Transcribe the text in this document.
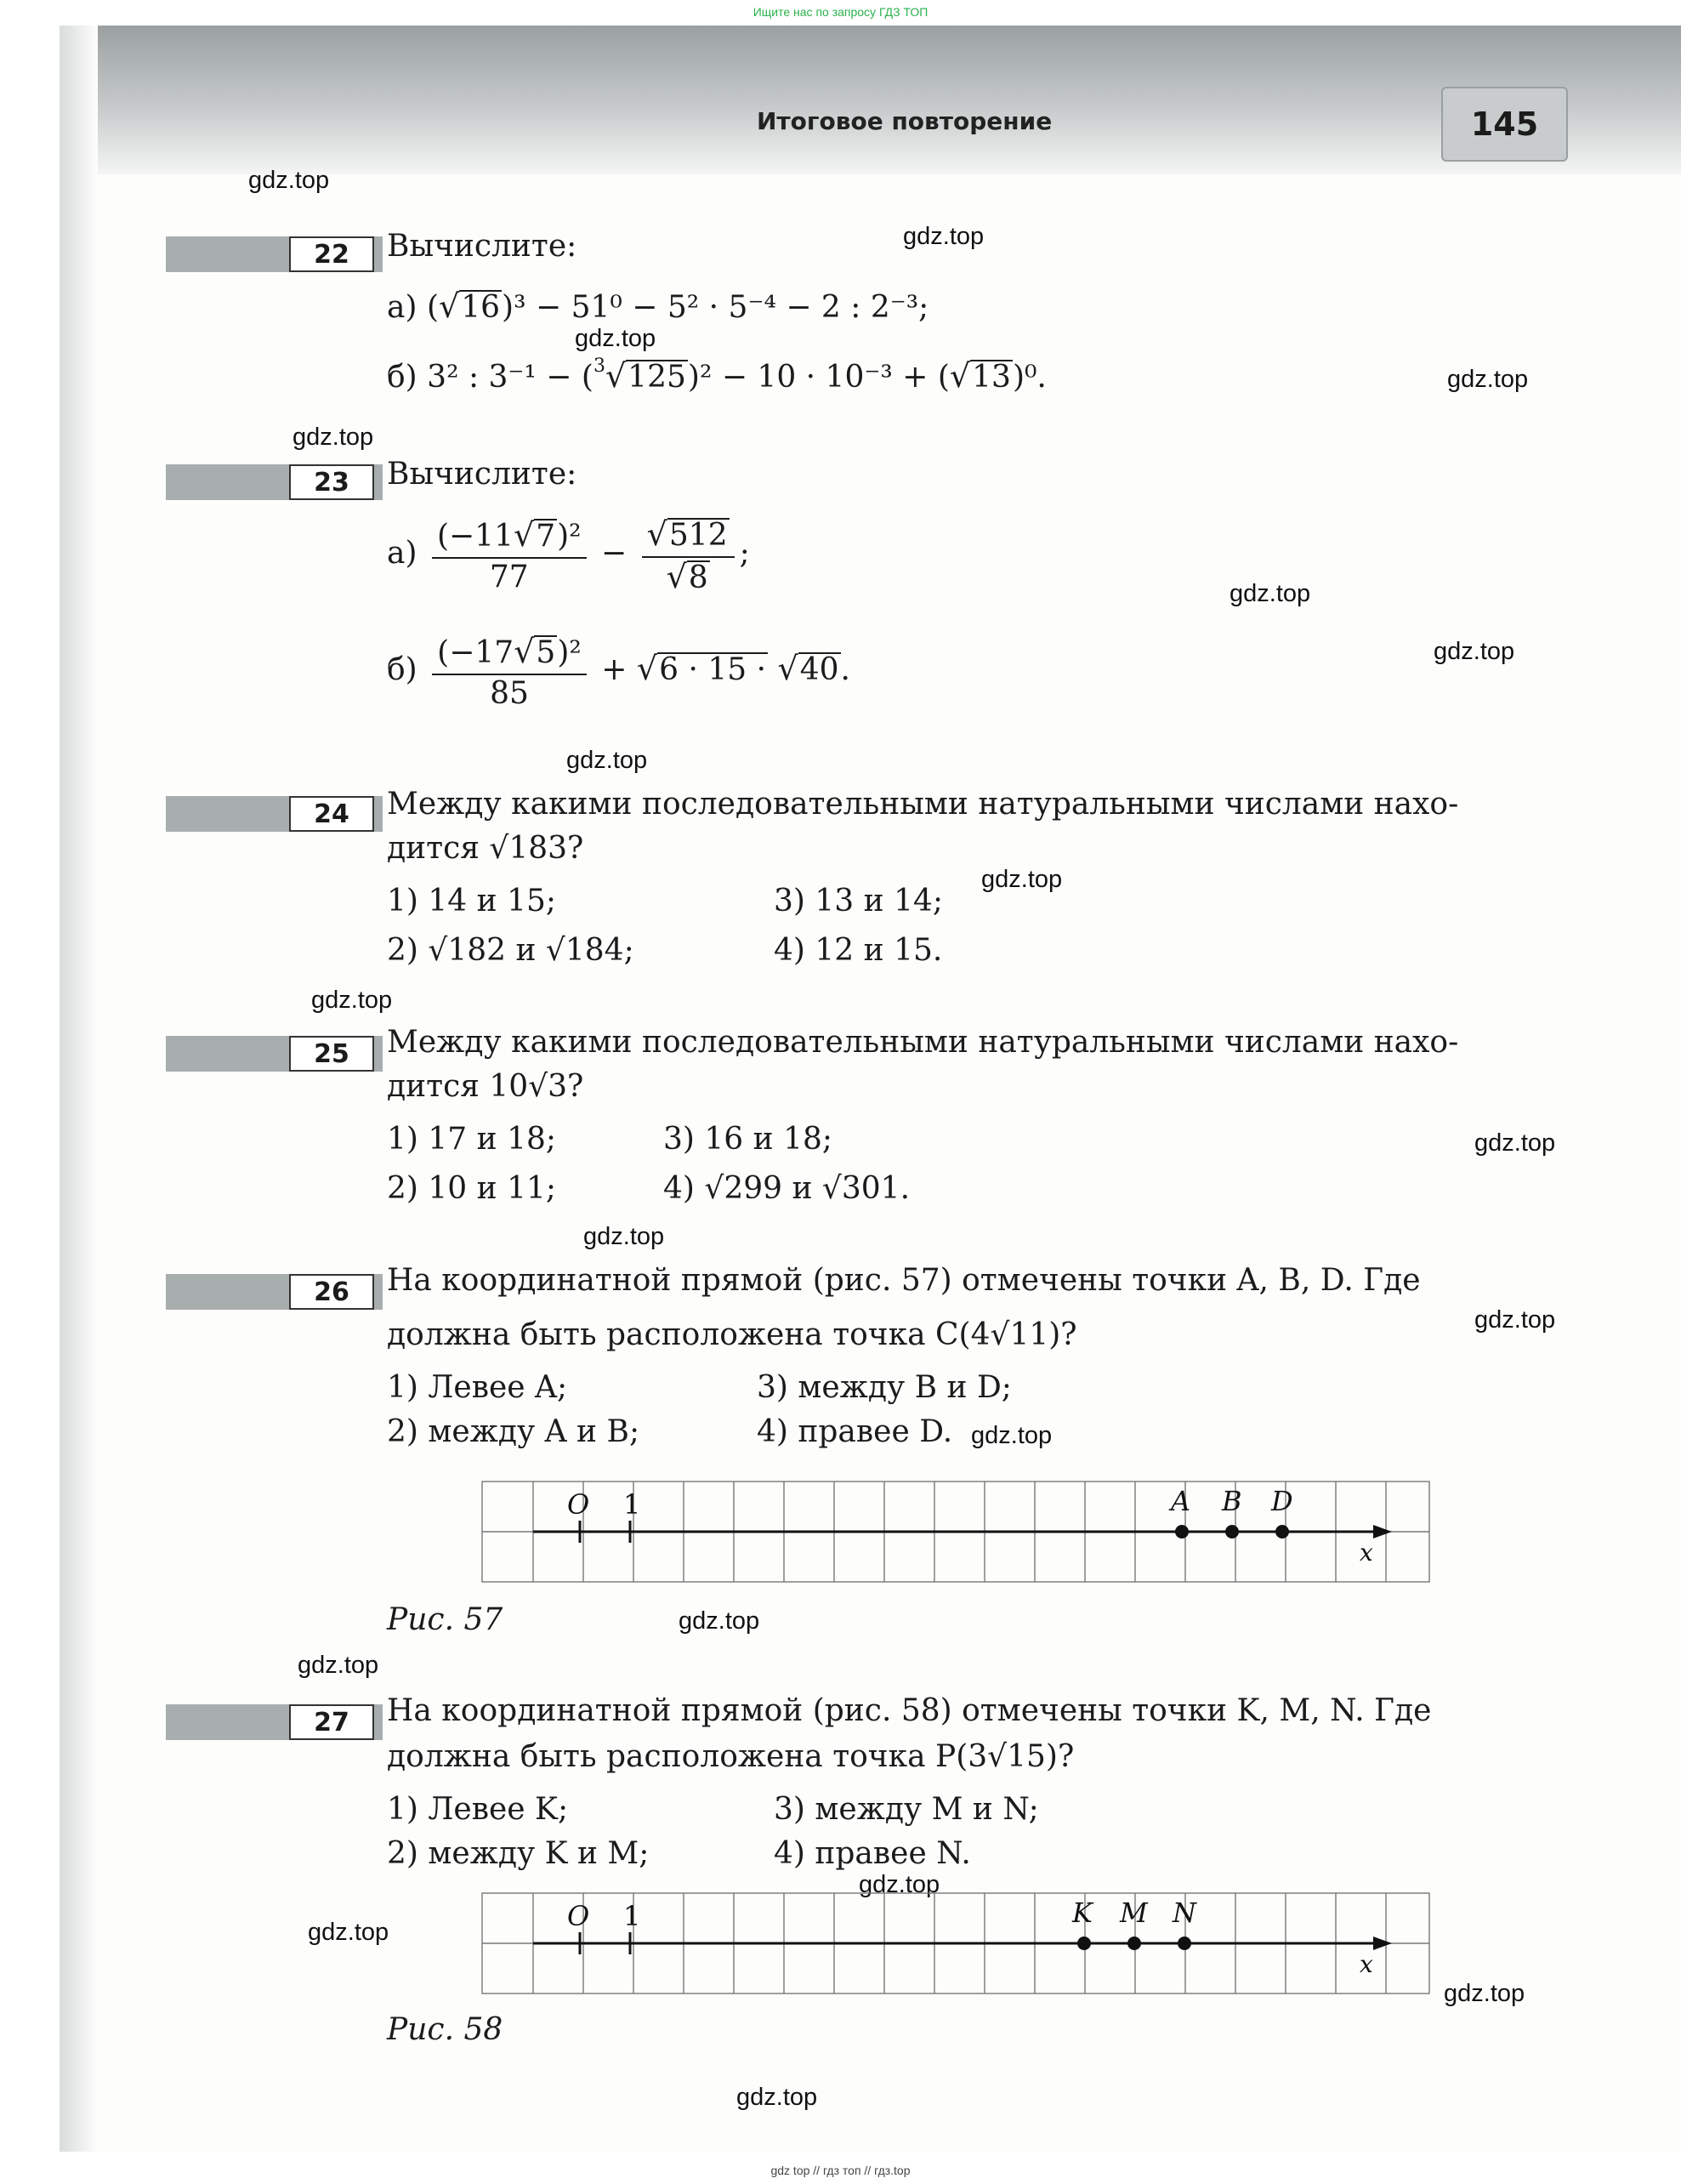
Ищите нас по запросу ГДЗ ТОП
Итоговое повторение	145
gdz.top
gdz.top
gdz.top
gdz.top
gdz.top
gdz.top
gdz.top
gdz.top
gdz.top
gdz.top
gdz.top
gdz.top
gdz.top
gdz.top
gdz.top
gdz.top
gdz.top
gdz.top
gdz.top
gdz.top
22	Вычислите:
а) (√16)³ − 51⁰ − 5² · 5⁻⁴ − 2 : 2⁻³;
б) 3² : 3⁻¹ − ($^3$√125)² − 10 · 10⁻³ + (√13)⁰.
23	Вычислите:
$а) \frac{\text{(−11√7)²}}{77} - \frac{√512}{√8}$ ;
$б) \frac{\text{(−17√5)²}}{85} + √6 \cdot 15 \cdot √40$.
24	Между какими последовательными натуральными числами нахо-
дится √183?
1) 14 и 15;
2) √182 и √184;
3) 13 и 14;
4) 12 и 15.
25	Между какими последовательными натуральными числами нахо-
дится 10√3?
1) 17 и 18;
2) 10 и 11;
3) 16 и 18;
4) √299 и √301.
26	На координатной прямой (рис. 57) отмечены точки A, B, D. Где
должна быть расположена точка C(4√11)?
1) Левее A;
2) между A и B;
3) между B и D;
4) правее D.
O 1	A B D
x
Рис. 57
27	На координатной прямой (рис. 58) отмечены точки K, M, N. Где
должна быть расположена точка P(3√15)?
1) Левее K;
2) между K и M;
3) между M и N;
4) правее N.
O 1	K M N
x
Рис. 58
gdz top // гдз топ // гдз.top
